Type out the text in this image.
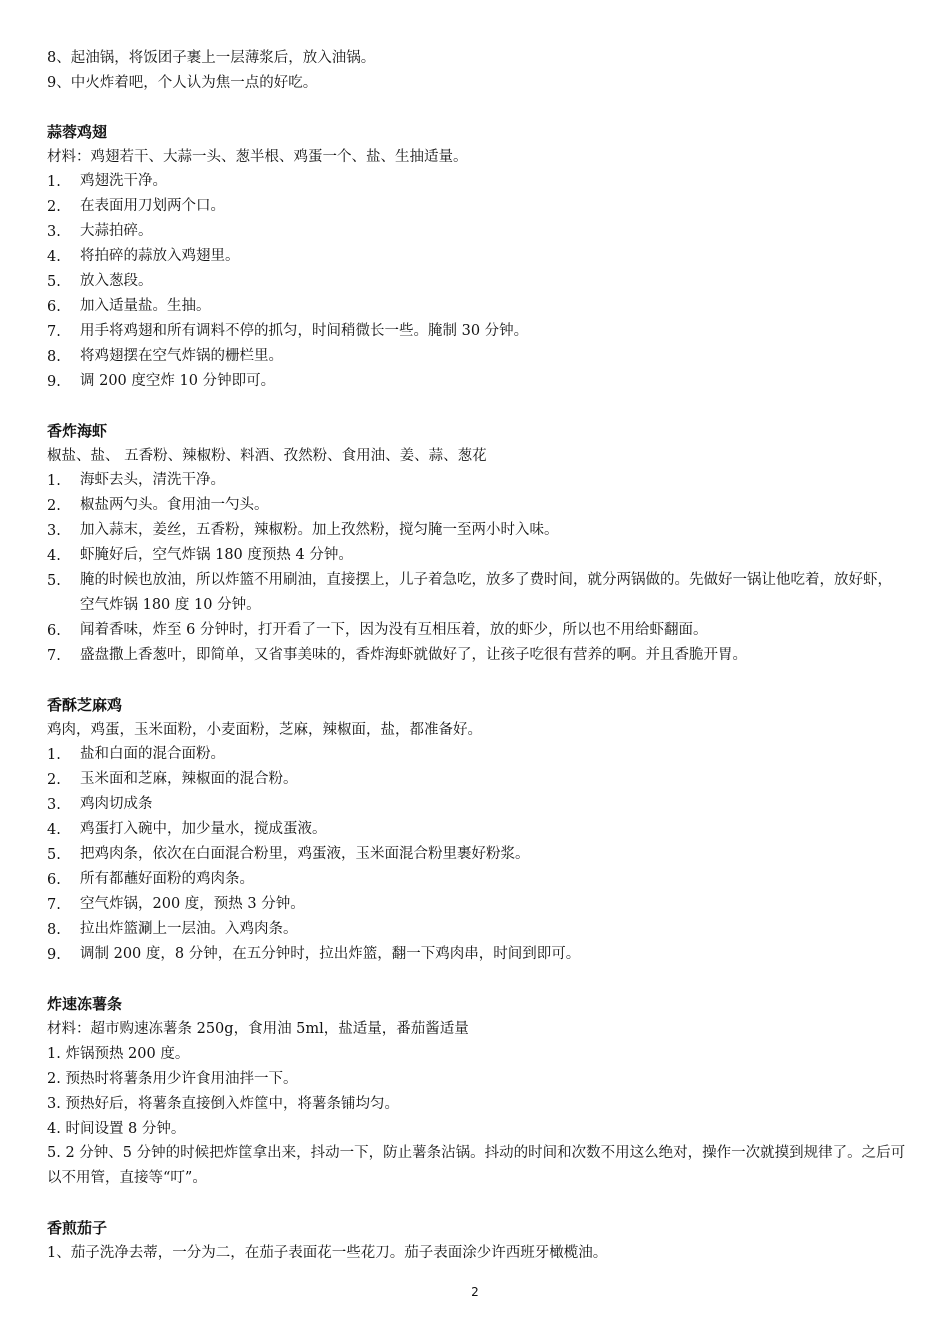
8、起油锅，将饭团子裹上一层薄浆后，放入油锅。
9、中火炸着吧，个人认为焦一点的好吃。
蒜蓉鸡翅
材料：鸡翅若干、大蒜一头、葱半根、鸡蛋一个、盐、生抽适量。
1.	鸡翅洗干净。
2.	在表面用刀划两个口。
3.	大蒜拍碎。
4.	将拍碎的蒜放入鸡翅里。
5.	放入葱段。
6.	加入适量盐。生抽。
7.	用手将鸡翅和所有调料不停的抓匀，时间稍微长一些。腌制 30 分钟。
8.	将鸡翅摆在空气炸锅的栅栏里。
9.	调 200 度空炸 10 分钟即可。
香炸海虾
椒盐、盐、 五香粉、辣椒粉、料酒、孜然粉、食用油、姜、蒜、葱花
1.	海虾去头，清洗干净。
2.	椒盐两勺头。食用油一勺头。
3.	加入蒜末，姜丝，五香粉，辣椒粉。加上孜然粉，搅匀腌一至两小时入味。
4.	虾腌好后，空气炸锅 180 度预热 4 分钟。
5.	腌的时候也放油，所以炸篮不用刷油，直接摆上，儿子着急吃，放多了费时间，就分两锅做的。先做好一锅让他吃着，放好虾，空气炸锅 180 度 10 分钟。
6.	闻着香味，炸至 6 分钟时，打开看了一下，因为没有互相压着，放的虾少，所以也不用给虾翻面。
7.	盛盘撒上香葱叶，即简单，又省事美味的，香炸海虾就做好了，让孩子吃很有营养的啊。并且香脆开胃。
香酥芝麻鸡
鸡肉，鸡蛋，玉米面粉，小麦面粉，芝麻，辣椒面，盐，都准备好。
1.	盐和白面的混合面粉。
2.	玉米面和芝麻，辣椒面的混合粉。
3.	鸡肉切成条
4.	鸡蛋打入碗中，加少量水，搅成蛋液。
5.	把鸡肉条，依次在白面混合粉里，鸡蛋液，玉米面混合粉里裹好粉浆。
6.	所有都蘸好面粉的鸡肉条。
7.	空气炸锅，200 度，预热 3 分钟。
8.	拉出炸篮涮上一层油。入鸡肉条。
9.	调制 200 度，8 分钟，在五分钟时，拉出炸篮，翻一下鸡肉串，时间到即可。
炸速冻薯条
材料：超市购速冻薯条 250g，食用油 5ml，盐适量，番茄酱适量
1. 炸锅预热 200 度。
2. 预热时将薯条用少许食用油拌一下。
3. 预热好后，将薯条直接倒入炸筐中，将薯条铺均匀。
4. 时间设置 8 分钟。
5. 2 分钟、5 分钟的时候把炸筐拿出来，抖动一下，防止薯条沾锅。抖动的时间和次数不用这么绝对，操作一次就摸到规律了。之后可以不用管，直接等“叮”。
香煎茄子
1、茄子洗净去蒂，一分为二，在茄子表面花一些花刀。茄子表面涂少许西班牙橄榄油。
2
